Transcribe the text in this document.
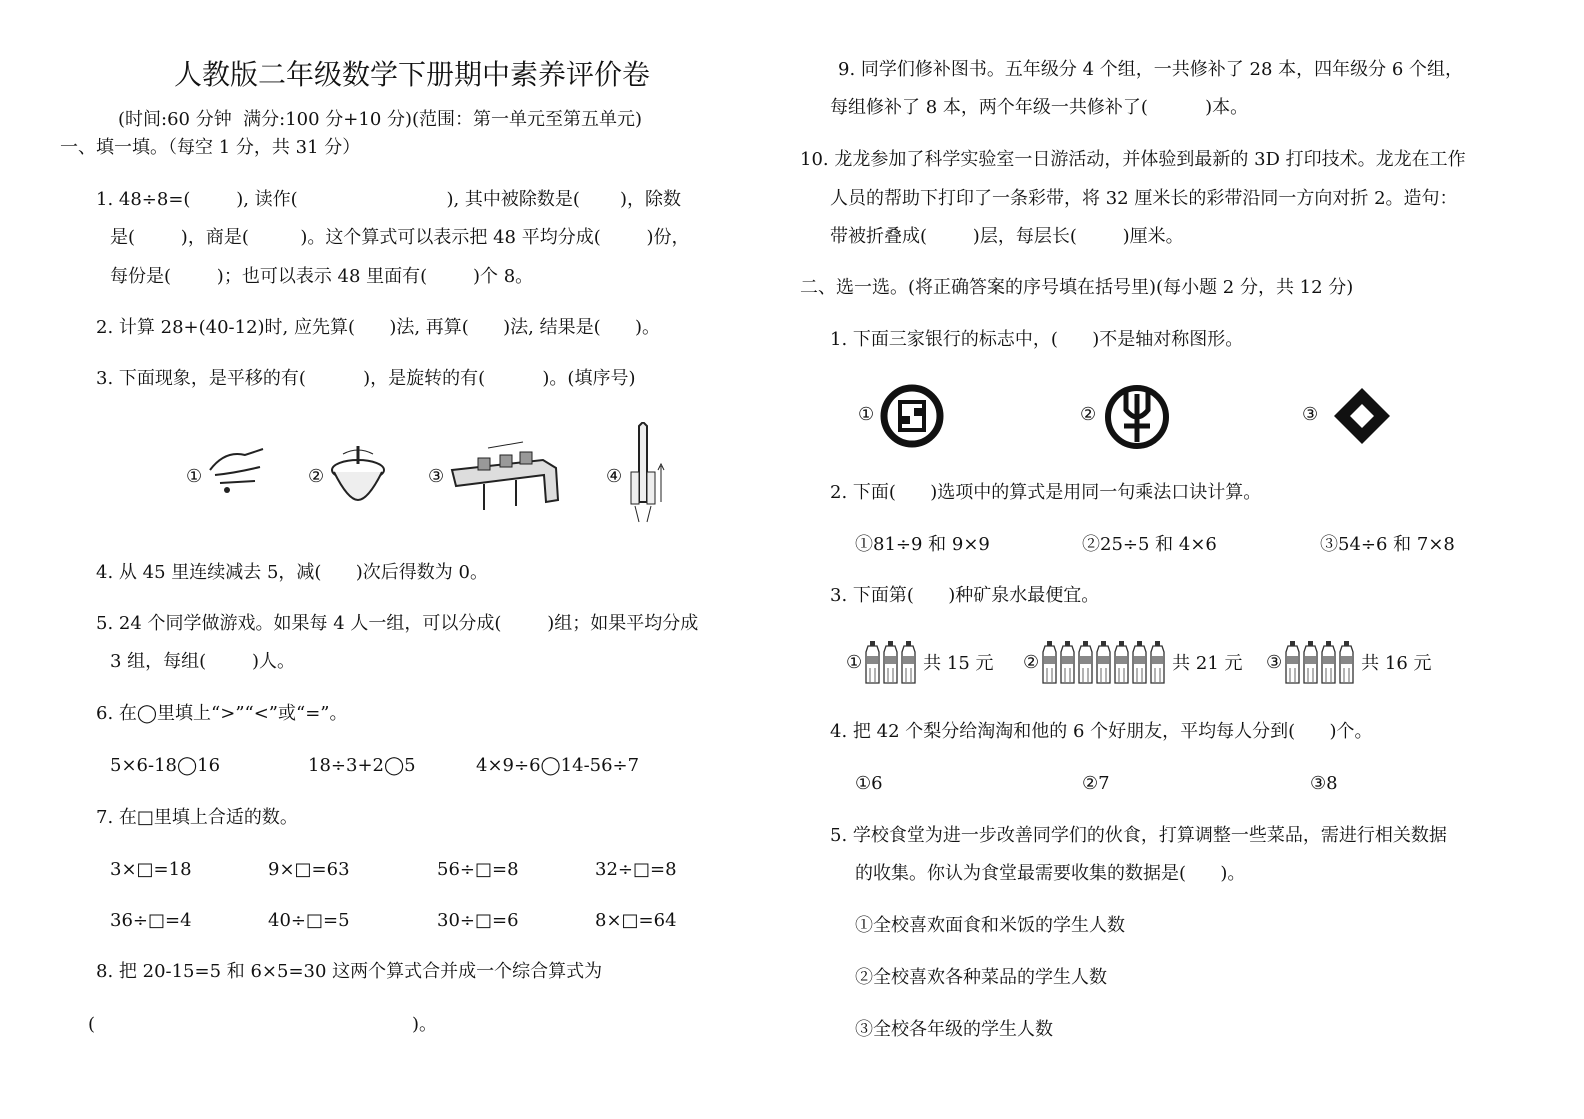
人教版二年级数学下册期中素养评价卷
(时间:60 分钟  满分:100 分+10 分)(范围：第一单元至第五单元)
一、填一填。（每空 1 分，共 31 分）
1. 48÷8=(        ), 读作(                          ), 其中被除数是(       )，除数
是(        )，商是(         )。这个算式可以表示把 48 平均分成(        )份，
每份是(        )；也可以表示 48 里面有(        )个 8。
2. 计算 28+(40-12)时, 应先算(      )法, 再算(      )法, 结果是(      )。
3. 下面现象，是平移的有(          )，是旋转的有(          )。(填序号)
①	②	③	④
4. 从 45 里连续减去 5，减(      )次后得数为 0。
5. 24 个同学做游戏。如果每 4 人一组，可以分成(        )组；如果平均分成
3 组，每组(        )人。
6. 在◯里填上“>”“<”或“=”。
5×6-18◯16	18÷3+2◯5	4×9÷6◯14-56÷7
7. 在□里填上合适的数。
3×□=18	9×□=63	56÷□=8	32÷□=8
36÷□=4	40÷□=5	30÷□=6	8×□=64
8. 把 20-15=5 和 6×5=30 这两个算式合并成一个综合算式为
(	)。
9. 同学们修补图书。五年级分 4 个组，一共修补了 28 本，四年级分 6 个组，
每组修补了 8 本，两个年级一共修补了(          )本。
10. 龙龙参加了科学实验室一日游活动，并体验到最新的 3D 打印技术。龙龙在工作
人员的帮助下打印了一条彩带，将 32 厘米长的彩带沿同一方向对折 2。造句：
带被折叠成(        )层，每层长(        )厘米。
二、选一选。(将正确答案的序号填在括号里)(每小题 2 分，共 12 分)
1. 下面三家银行的标志中，(      )不是轴对称图形。
①	②	③
2. 下面(      )选项中的算式是用同一句乘法口诀计算。
①81÷9 和 9×9	②25÷5 和 4×6	③54÷6 和 7×8
3. 下面第(      )种矿泉水最便宜。
①	共 15 元 ②	共 21 元 ③	共 16 元
4. 把 42 个梨分给淘淘和他的 6 个好朋友，平均每人分到(      )个。
①6	②7	③8
5. 学校食堂为进一步改善同学们的伙食，打算调整一些菜品，需进行相关数据
的收集。你认为食堂最需要收集的数据是(      )。
①全校喜欢面食和米饭的学生人数
②全校喜欢各种菜品的学生人数
③全校各年级的学生人数
